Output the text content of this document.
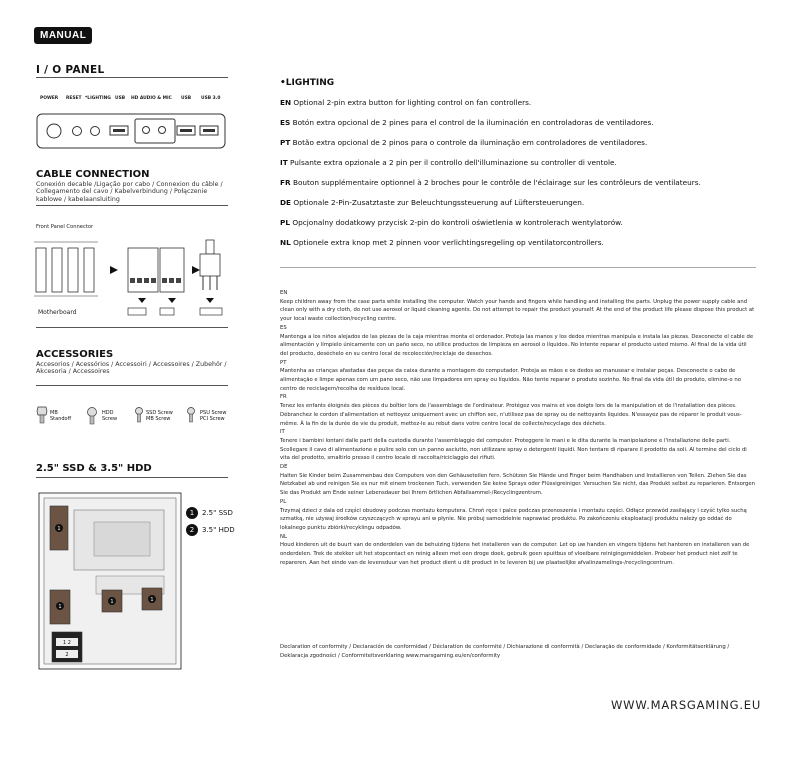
MANUAL
I / O PANEL
POWER RESET *LIGHTING USB HD AUDIO & MIC USB USB 3.0
CABLE CONNECTION
Conexión decable /Ligação por cabo / Connexion du câble / Collegamento del cavo / Kabelverbindung / Połączenie kablowe / kabelaansluiting
Front Panel Connector
Motherboard
ACCESSORIES
Accesorios / Acessórios / Accessoiri / Accessoires / Zubehör / Akcesoria / Accessoires
MB Standoff
HDD Screw
SSD Screw MB Screw
PSU Screw PCI Screw
2.5" SSD & 3.5" HDD
1
1
1	1
1 2
2
1	2.5" SSD
2	3.5" HDD
•LIGHTING
EN Optional 2-pin extra button for lighting control on fan controllers.
ES Botón extra opcional de 2 pines para el control de la iluminación en controladoras de ventiladores.
PT Botão extra opcional de 2 pinos para o controle da iluminação em controladores de ventiladores.
IT Pulsante extra opzionale a 2 pin per il controllo dell'illuminazione su controller di ventole.
FR Bouton supplémentaire optionnel à 2 broches pour le contrôle de l'éclairage sur les contrôleurs de ventilateurs.
DE Optionale 2-Pin-Zusatztaste zur Beleuchtungssteuerung auf Lüftersteuerungen.
PL Opcjonalny dodatkowy przycisk 2-pin do kontroli oświetlenia w kontrolerach wentylatorów.
NL Optionele extra knop met 2 pinnen voor verlichtingsregeling op ventilatorcontrollers.
EN
Keep children away from the case parts while installing the computer. Watch your hands and fingers while handling and installing the parts. Unplug the power supply cable and clean only with a dry cloth, do not use aerosol or liquid cleaning agents. Do not attempt to repair the product yourself. At the end of the product life please dispose this product at your local waste collection/recycling centre.
ES
Mantenga a los niños alejados de las piezas de la caja mientras monta el ordenador. Proteja las manos y los dedos mientras manipula e instala las piezas. Desconecte el cable de alimentación y límpielo únicamente con un paño seco, no utilice productos de limpieza en aerosol o líquidos. No intente reparar el producto usted mismo. Al final de la vida útil del producto, deséchelo en su centro local de recolección/reciclaje de desechos.
PT
Mantenha as crianças afastadas das peças da caixa durante a montagem do computador. Proteja as mãos e os dedos ao manusear e instalar peças. Desconecte o cabo de alimentação e limpe apenas com um pano seco, não use limpadores em spray ou líquidos. Não tente reparar o produto sozinho. No final da vida útil do produto, elimine-o no centro de reciclagem/recolha de resíduos local.
FR
Tenez les enfants éloignés des pièces du boîtier lors de l'assemblage de l'ordinateur. Protégez vos mains et vos doigts lors de la manipulation et de l'installation des pièces. Débranchez le cordon d'alimentation et nettoyez uniquement avec un chiffon sec, n'utilisez pas de spray ou de nettoyants liquides. N'essayez pas de réparer le produit vous-même. À la fin de la durée de vie du produit, mettez-le au rebut dans votre centre local de collecte/recyclage des déchets.
IT
Tenere i bambini lontani dalle parti della custodia durante l'assemblaggio del computer. Proteggere le mani e le dita durante la manipolazione e l'installazione delle parti. Scollegare il cavo di alimentazione e pulire solo con un panno asciutto, non utilizzare spray o detergenti liquidi. Non tentare di riparare il prodotto da soli. Al termine del ciclo di vita del prodotto, smaltirlo presso il centro locale di raccolta/riciclaggio dei rifiuti.
DE
Halten Sie Kinder beim Zusammenbau des Computers von den Gehäuseteilen fern. Schützen Sie Hände und Finger beim Handhaben und Installieren von Teilen. Ziehen Sie das Netzkabel ab und reinigen Sie es nur mit einem trockenen Tuch, verwenden Sie keine Sprays oder Flüssigreiniger. Versuchen Sie nicht, das Produkt selbst zu reparieren. Entsorgen Sie das Produkt am Ende seiner Lebensdauer bei Ihrem örtlichen Abfallsammel-/Recyclingzentrum.
PL
Trzymaj dzieci z dala od części obudowy podczas montażu komputera. Chroń ręce i palce podczas przenoszenia i montażu części. Odłącz przewód zasilający i czyść tylko suchą szmatką, nie używaj środków czyszczących w sprayu ani w płynie. Nie próbuj samodzielnie naprawiać produktu. Po zakończeniu eksploatacji produktu należy go oddać do lokalnego punktu zbiórki/recyklingu odpadów.
NL
Houd kinderen uit de buurt van de onderdelen van de behuizing tijdens het installeren van de computer. Let op uw handen en vingers tijdens het hanteren en installeren van de onderdelen. Trek de stekker uit het stopcontact en reinig alleen met een droge doek, gebruik geen spuitbus of vloeibare reinigingsmiddelen. Probeer het product niet zelf te repareren. Aan het einde van de levensduur van het product dient u dit product in te leveren bij uw plaatselijke afvalinzamelings-/recyclingcentrum.
Declaration of conformity / Declaración de conformidad / Déclaration de conformité / Dichiarazione di conformità / Declaração de conformidade / Konformitätserklärung / Deklaracja zgodności / Conformiteitsverklaring www.marsgaming.eu/en/conformity
WWW.MARSGAMING.EU
